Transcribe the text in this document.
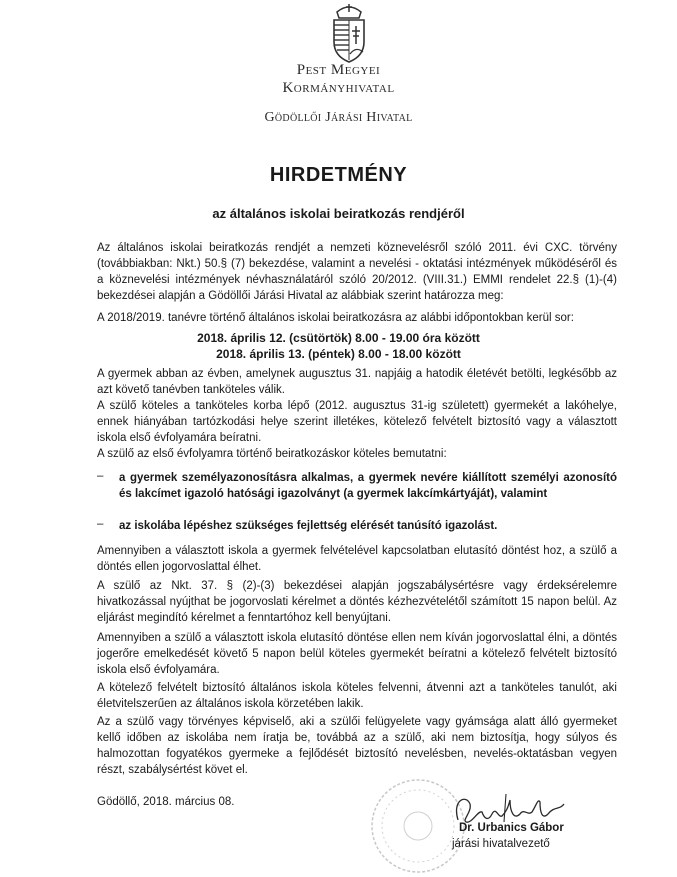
Pest Megyei
Kormányhivatal
Gödöllői Járási Hivatal
HIRDETMÉNY
az általános iskolai beiratkozás rendjéről

Az általános iskolai beiratkozás rendjét a nemzeti köznevelésről szóló 2011. évi CXC. törvény (továbbiakban: Nkt.) 50.§ (7) bekezdése, valamint a nevelési - oktatási intézmények működéséről és a köznevelési intézmények névhasználatáról szóló 20/2012. (VIII.31.) EMMI rendelet 22.§ (1)-(4) bekezdései alapján a Gödöllői Járási Hivatal az alábbiak szerint határozza meg:

A 2018/2019. tanévre történő általános iskolai beiratkozásra az alábbi időpontokban kerül sor:

2018. április 12. (csütörtök) 8.00 - 19.00 óra között
2018. április 13. (péntek) 8.00 - 18.00 között

A gyermek abban az évben, amelynek augusztus 31. napjáig a hatodik életévét betölti, legkésőbb az azt követő tanévben tanköteles válik.

A szülő köteles a tanköteles korba lépő (2012. augusztus 31-ig született) gyermekét a lakóhelye, ennek hiányában tartózkodási helye szerint illetékes, kötelező felvételt biztosító vagy a választott iskola első évfolyamára beíratni.

A szülő az első évfolyamra történő beiratkozáskor köteles bemutatni:

– a gyermek személyazonosításra alkalmas, a gyermek nevére kiállított személyi azonosító és lakcímet igazoló hatósági igazolványt (a gyermek lakcímkártyáját), valamint
– az iskolába lépéshez szükséges fejlettség elérését tanúsító igazolást.

Amennyiben a választott iskola a gyermek felvételével kapcsolatban elutasító döntést hoz, a szülő a döntés ellen jogorvoslattal élhet.

A szülő az Nkt. 37. § (2)-(3) bekezdései alapján jogszabálysértésre vagy érdeksérelemre hivatkozással nyújthat be jogorvoslati kérelmet a döntés kézhezvételétől számított 15 napon belül. Az eljárást megindító kérelmet a fenntartóhoz kell benyújtani.

Amennyiben a szülő a választott iskola elutasító döntése ellen nem kíván jogorvoslattal élni, a döntés jogerőre emelkedését követő 5 napon belül köteles gyermekét beíratni a kötelező felvételt biztosító iskola első évfolyamára.

A kötelező felvételt biztosító általános iskola köteles felvenni, átvenni azt a tanköteles tanulót, aki életvitelszerűen az általános iskola körzetében lakik.

Az a szülő vagy törvényes képviselő, aki a szülői felügyelete vagy gyámsága alatt álló gyermeket kellő időben az iskolába nem íratja be, továbbá az a szülő, aki nem biztosítja, hogy súlyos és halmozottan fogyatékos gyermeke a fejlődését biztosító nevelésben, nevelés-oktatásban vegyen részt, szabálysértést követ el.

Gödöllő, 2018. március 08.
Dr. Urbanics Gábor
járási hivatalvezető
